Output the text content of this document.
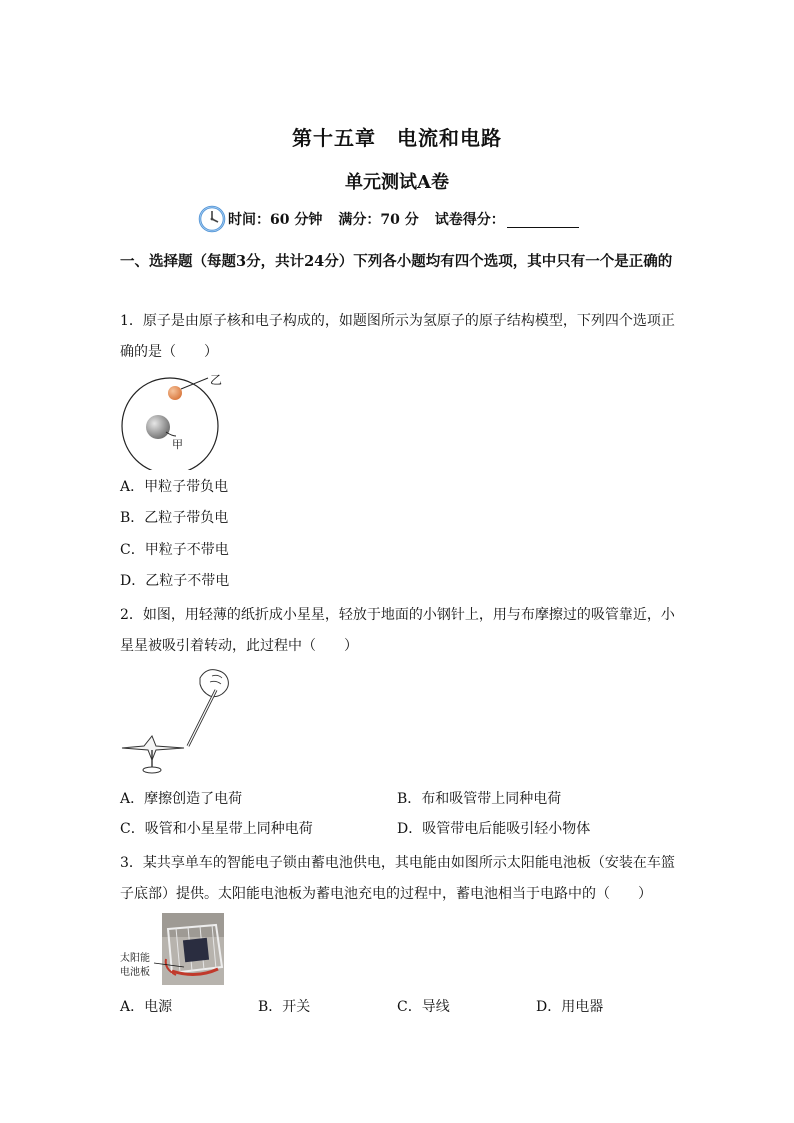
第十五章　电流和电路
单元测试A卷
时间：60 分钟 满分：70 分 试卷得分：
一、选择题（每题3分，共计24分）下列各小题均有四个选项，其中只有一个是正确的
1．原子是由原子核和电子构成的，如题图所示为氢原子的原子结构模型，下列四个选项正确的是（　　）
乙
甲
A．甲粒子带负电
B．乙粒子带负电
C．甲粒子不带电
D．乙粒子不带电
2．如图，用轻薄的纸折成小星星，轻放于地面的小钢针上，用与布摩擦过的吸管靠近，小星星被吸引着转动，此过程中（　　）
A．摩擦创造了电荷	B．布和吸管带上同种电荷
C．吸管和小星星带上同种电荷	D．吸管带电后能吸引轻小物体
3．某共享单车的智能电子锁由蓄电池供电，其电能由如图所示太阳能电池板（安装在车篮子底部）提供。太阳能电池板为蓄电池充电的过程中，蓄电池相当于电路中的（　　）
太阳能
电池板
A．电源	B．开关	C．导线	D．用电器
